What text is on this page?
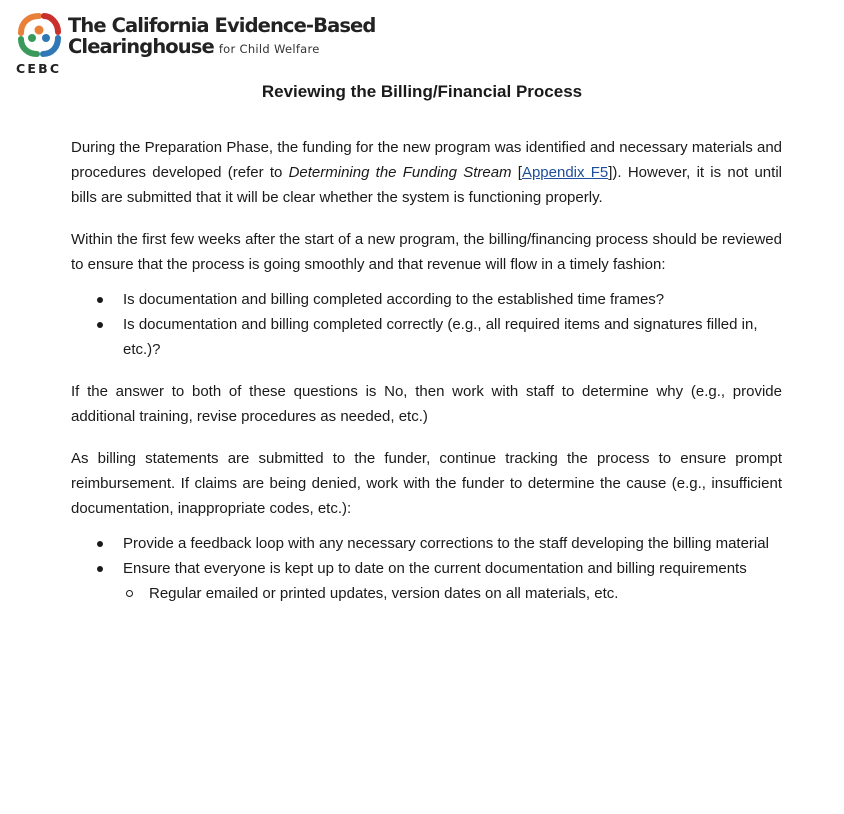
The California Evidence-Based
Clearinghouse for Child Welfare
CEBC
Reviewing the Billing/Financial Process

During the Preparation Phase, the funding for the new program was identified and necessary materials and procedures developed (refer to Determining the Funding Stream [Appendix F5]). However, it is not until bills are submitted that it will be clear whether the system is functioning properly.

Within the first few weeks after the start of a new program, the billing/financing process should be reviewed to ensure that the process is going smoothly and that revenue will flow in a timely fashion:

Is documentation and billing completed according to the established time frames?
Is documentation and billing completed correctly (e.g., all required items and signatures filled in, etc.)?

If the answer to both of these questions is No, then work with staff to determine why (e.g., provide additional training, revise procedures as needed, etc.)

As billing statements are submitted to the funder, continue tracking the process to ensure prompt reimbursement. If claims are being denied, work with the funder to determine the cause (e.g., insufficient documentation, inappropriate codes, etc.):

Provide a feedback loop with any necessary corrections to the staff developing the billing material
Ensure that everyone is kept up to date on the current documentation and billing requirements
Regular emailed or printed updates, version dates on all materials, etc.
